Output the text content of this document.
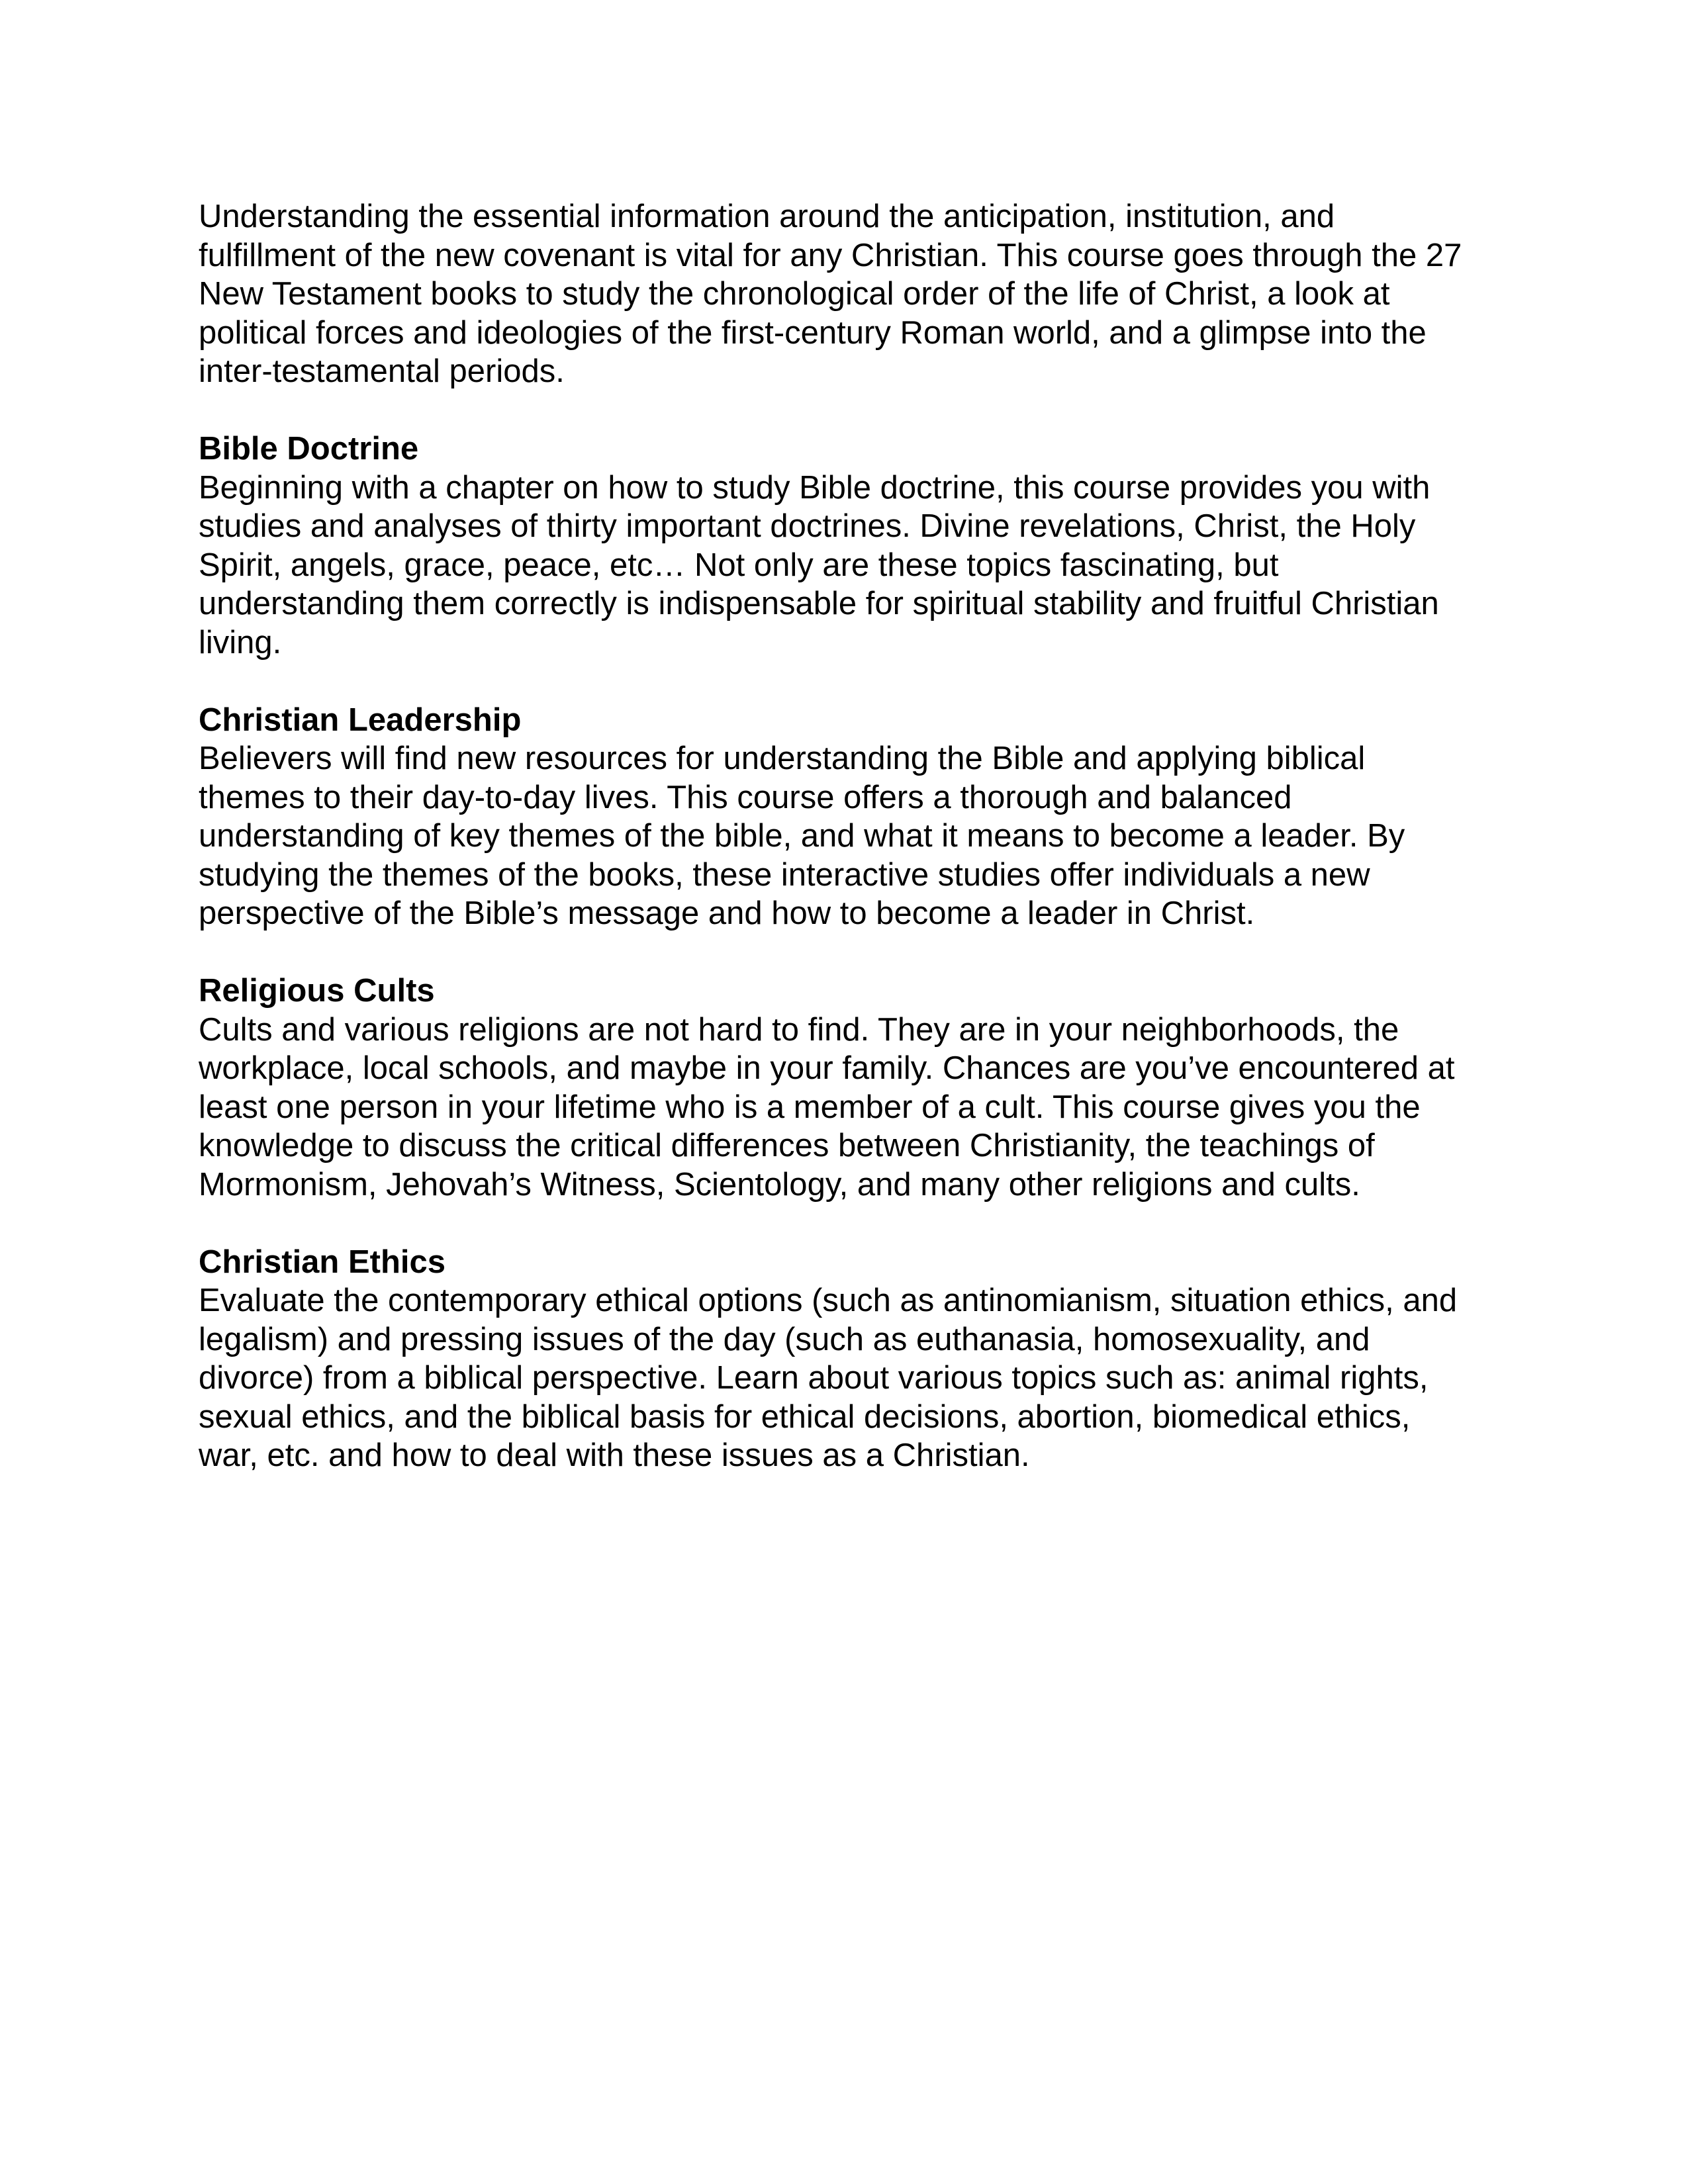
Understanding the essential information around the anticipation, institution, and
fulfillment of the new covenant is vital for any Christian. This course goes through the 27
New Testament books to study the chronological order of the life of Christ, a look at
political forces and ideologies of the first-century Roman world, and a glimpse into the
inter-testamental periods.
Bible Doctrine
Beginning with a chapter on how to study Bible doctrine, this course provides you with
studies and analyses of thirty important doctrines. Divine revelations, Christ, the Holy
Spirit, angels, grace, peace, etc… Not only are these topics fascinating, but
understanding them correctly is indispensable for spiritual stability and fruitful Christian
living.
Christian Leadership
Believers will find new resources for understanding the Bible and applying biblical
themes to their day-to-day lives. This course offers a thorough and balanced
understanding of key themes of the bible, and what it means to become a leader. By
studying the themes of the books, these interactive studies offer individuals a new
perspective of the Bible’s message and how to become a leader in Christ.
Religious Cults
Cults and various religions are not hard to find. They are in your neighborhoods, the
workplace, local schools, and maybe in your family. Chances are you’ve encountered at
least one person in your lifetime who is a member of a cult. This course gives you the
knowledge to discuss the critical differences between Christianity, the teachings of
Mormonism, Jehovah’s Witness, Scientology, and many other religions and cults.
Christian Ethics
Evaluate the contemporary ethical options (such as antinomianism, situation ethics, and
legalism) and pressing issues of the day (such as euthanasia, homosexuality, and
divorce) from a biblical perspective. Learn about various topics such as: animal rights,
sexual ethics, and the biblical basis for ethical decisions, abortion, biomedical ethics,
war, etc. and how to deal with these issues as a Christian.
